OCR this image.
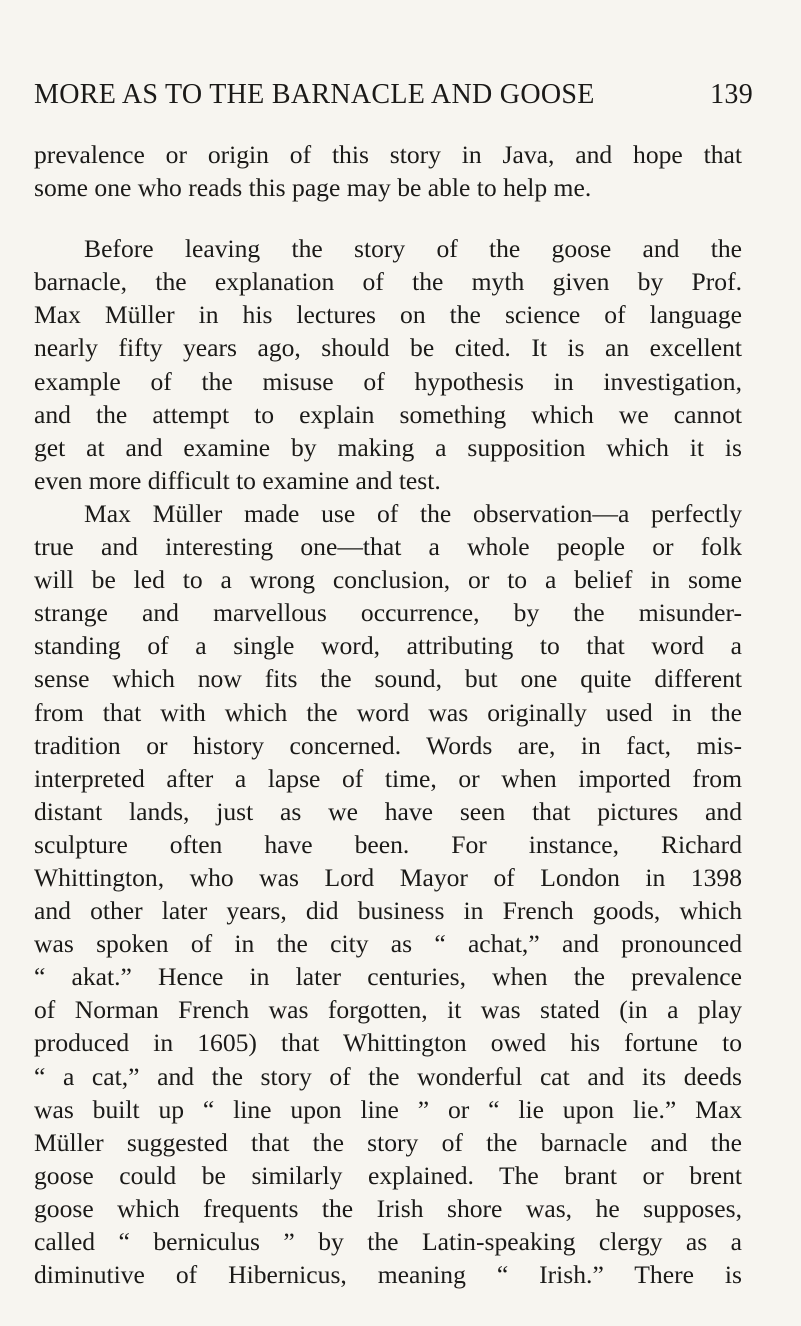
MORE AS TO THE BARNACLE AND GOOSE	139

prevalence or origin of this story in Java, and hope that
some one who reads this page may be able to help me.

Before leaving the story of the goose and the
barnacle, the explanation of the myth given by Prof.
Max Müller in his lectures on the science of language
nearly fifty years ago, should be cited. It is an excellent
example of the misuse of hypothesis in investigation,
and the attempt to explain something which we cannot
get at and examine by making a supposition which it is
even more difficult to examine and test.

Max Müller made use of the observation—a perfectly
true and interesting one—that a whole people or folk
will be led to a wrong conclusion, or to a belief in some
strange and marvellous occurrence, by the misunder-
standing of a single word, attributing to that word a
sense which now fits the sound, but one quite different
from that with which the word was originally used in the
tradition or history concerned. Words are, in fact, mis-
interpreted after a lapse of time, or when imported from
distant lands, just as we have seen that pictures and
sculpture often have been. For instance, Richard
Whittington, who was Lord Mayor of London in 1398
and other later years, did business in French goods, which
was spoken of in the city as “ achat,” and pronounced
“ akat.” Hence in later centuries, when the prevalence
of Norman French was forgotten, it was stated (in a play
produced in 1605) that Whittington owed his fortune to
“ a cat,” and the story of the wonderful cat and its deeds
was built up “ line upon line ” or “ lie upon lie.” Max
Müller suggested that the story of the barnacle and the
goose could be similarly explained. The brant or brent
goose which frequents the Irish shore was, he supposes,
called “ berniculus ” by the Latin-speaking clergy as a
diminutive of Hibernicus, meaning “ Irish.” There is
